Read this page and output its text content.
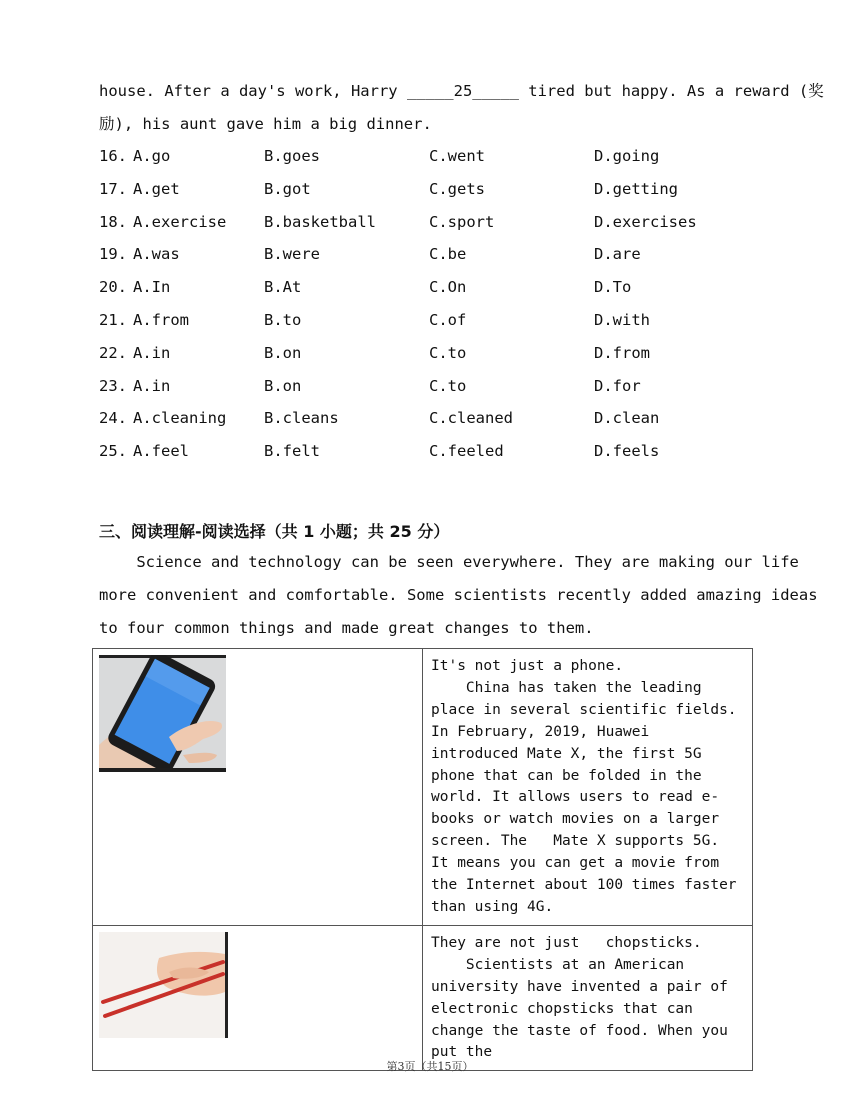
house. After a day's work, Harry _____25_____ tired but happy. As a reward (奖
励), his aunt gave him a big dinner.
16. A.go	B.goes	C.went	D.going
17. A.get	B.got	C.gets	D.getting
18. A.exercise B.basketball	C.sport	D.exercises
19. A.was	B.were	C.be	D.are
20. A.In	B.At	C.On	D.To
21. A.from	B.to	C.of	D.with
22. A.in	B.on	C.to	D.from
23. A.in	B.on	C.to	D.for
24. A.cleaning B.cleans	C.cleaned	D.clean
25. A.feel	B.felt	C.feeled	D.feels
三、阅读理解-阅读选择（共 1 小题；共 25 分）
Science and technology can be seen everywhere. They are making our life
more convenient and comfortable. Some scientists recently added amazing ideas
to four common things and made great changes to them.

It's not just a phone.
China has taken the leading place in several scientific fields. In February, 2019, Huawei introduced Mate X, the first 5G phone that can be folded in the world. It allows users to read e-books or watch movies on a larger screen. The   Mate X supports 5G. It means you can get a movie from the Internet about 100 times faster than using 4G.

They are not just   chopsticks.
Scientists at an American university have invented a pair of electronic chopsticks that can change the taste of food. When you put the
第3页（共15页）
